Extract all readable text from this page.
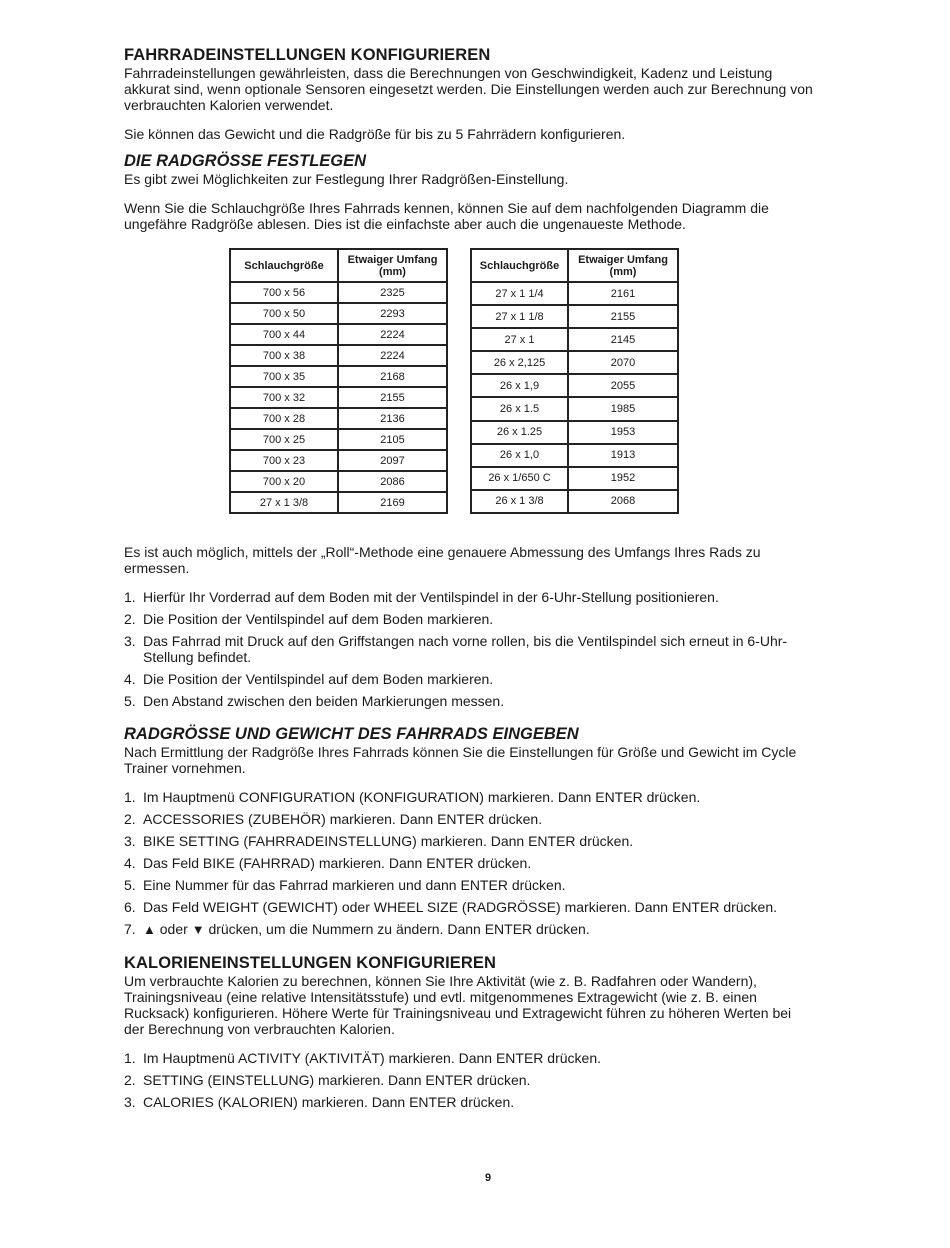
FAHRRADEINSTELLUNGEN KONFIGURIEREN

Fahrradeinstellungen gewährleisten, dass die Berechnungen von Geschwindigkeit, Kadenz und Leistung akkurat sind, wenn optionale Sensoren eingesetzt werden. Die Einstellungen werden auch zur Berechnung von verbrauchten Kalorien verwendet.

Sie können das Gewicht und die Radgröße für bis zu 5 Fahrrädern konfigurieren.

DIE RADGRÖSSE FESTLEGEN

Es gibt zwei Möglichkeiten zur Festlegung Ihrer Radgrößen-Einstellung.

Wenn Sie die Schlauchgröße Ihres Fahrrads kennen, können Sie auf dem nachfolgenden Diagramm die ungefähre Radgröße ablesen. Dies ist die einfachste aber auch die ungenaueste Methode.

Schlauchgröße	Etwaiger Umfang (mm)
700 x 56	2325
700 x 50	2293
700 x 44	2224
700 x 38	2224
700 x 35	2168
700 x 32	2155
700 x 28	2136
700 x 25	2105
700 x 23	2097
700 x 20	2086
27 x 1 3/8	2169
Schlauchgröße	Etwaiger Umfang (mm)
27 x 1 1/4	2161
27 x 1 1/8	2155
27 x 1	2145
26 x 2,125	2070
26 x 1,9	2055
26 x 1.5	1985
26 x 1.25	1953
26 x 1,0	1913
26 x 1/650 C	1952
26 x 1 3/8	2068

Es ist auch möglich, mittels der „Roll“-Methode eine genauere Abmessung des Umfangs Ihres Rads zu ermessen.

1. Hierfür Ihr Vorderrad auf dem Boden mit der Ventilspindel in der 6-Uhr-Stellung positionieren.
2. Die Position der Ventilspindel auf dem Boden markieren.
3. Das Fahrrad mit Druck auf den Griffstangen nach vorne rollen, bis die Ventilspindel sich erneut in 6-Uhr-Stellung befindet.
4. Die Position der Ventilspindel auf dem Boden markieren.
5. Den Abstand zwischen den beiden Markierungen messen.
RADGRÖSSE UND GEWICHT DES FAHRRADS EINGEBEN

Nach Ermittlung der Radgröße Ihres Fahrrads können Sie die Einstellungen für Größe und Gewicht im Cycle Trainer vornehmen.

1. Im Hauptmenü CONFIGURATION (KONFIGURATION) markieren. Dann ENTER drücken.
2. ACCESSORIES (ZUBEHÖR) markieren. Dann ENTER drücken.
3. BIKE SETTING (FAHRRADEINSTELLUNG) markieren. Dann ENTER drücken.
4. Das Feld BIKE (FAHRRAD) markieren. Dann ENTER drücken.
5. Eine Nummer für das Fahrrad markieren und dann ENTER drücken.
6. Das Feld WEIGHT (GEWICHT) oder WHEEL SIZE (RADGRÖSSE) markieren. Dann ENTER drücken.
7. ▲ oder ▼ drücken, um die Nummern zu ändern. Dann ENTER drücken.
KALORIENEINSTELLUNGEN KONFIGURIEREN

Um verbrauchte Kalorien zu berechnen, können Sie Ihre Aktivität (wie z. B. Radfahren oder Wandern), Trainingsniveau (eine relative Intensitätsstufe) und evtl. mitgenommenes Extragewicht (wie z. B. einen Rucksack) konfigurieren. Höhere Werte für Trainingsniveau und Extragewicht führen zu höheren Werten bei der Berechnung von verbrauchten Kalorien.

1. Im Hauptmenü ACTIVITY (AKTIVITÄT) markieren. Dann ENTER drücken.
2. SETTING (EINSTELLUNG) markieren. Dann ENTER drücken.
3. CALORIES (KALORIEN) markieren. Dann ENTER drücken.
9
